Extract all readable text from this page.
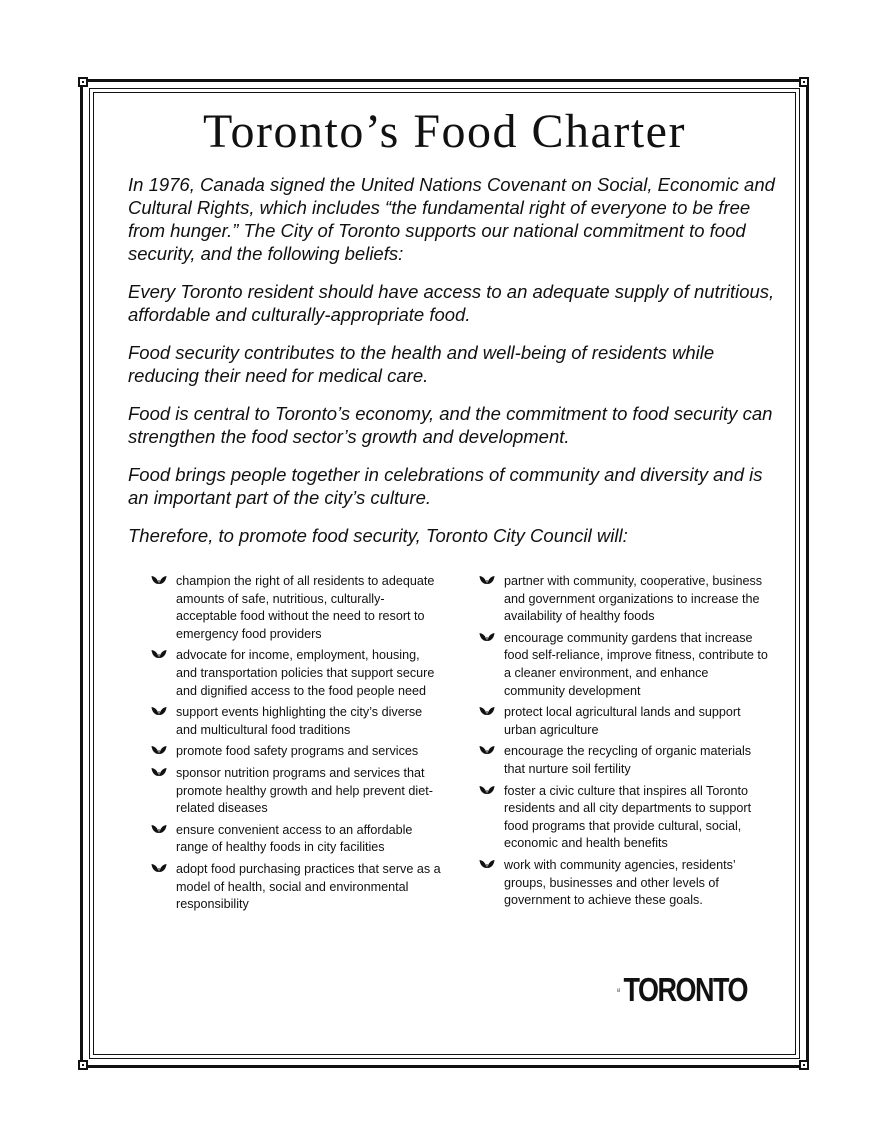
Toronto’s Food Charter

In 1976, Canada signed the United Nations Covenant on Social, Economic and Cultural Rights, which includes “the fundamental right of everyone to be free from hunger.” The City of Toronto supports our national commitment to food security, and the following beliefs:

Every Toronto resident should have access to an adequate supply of nutritious, affordable and culturally-appropriate food.

Food security contributes to the health and well-being of residents while reducing their need for medical care.

Food is central to Toronto’s economy, and the commitment to food security can strengthen the food sector’s growth and development.

Food brings people together in celebrations of community and diversity and is an important part of the city’s culture.

Therefore, to promote food security, Toronto City Council will:

champion the right of all residents to adequate amounts of safe, nutritious, culturally-acceptable food without the need to resort to emergency food providers
advocate for income, employment, housing, and transportation policies that support secure and dignified access to the food people need
support events highlighting the city’s diverse and multicultural food traditions
promote food safety programs and services
sponsor nutrition programs and services that promote healthy growth and help prevent diet-related diseases
ensure convenient access to an affordable range of healthy foods in city facilities
adopt food purchasing practices that serve as a model of health, social and environmental responsibility
partner with community, cooperative, business and government organizations to increase the availability of healthy foods
encourage community gardens that increase food self-reliance, improve fitness, contribute to a cleaner environment, and enhance community development
protect local agricultural lands and support urban agriculture
encourage the recycling of organic materials that nurture soil fertility
foster a civic culture that inspires all Toronto residents and all city departments to support food programs that provide cultural, social, economic and health benefits
work with community agencies, residents’ groups, businesses and other levels of government to achieve these goals.
TORONTO
